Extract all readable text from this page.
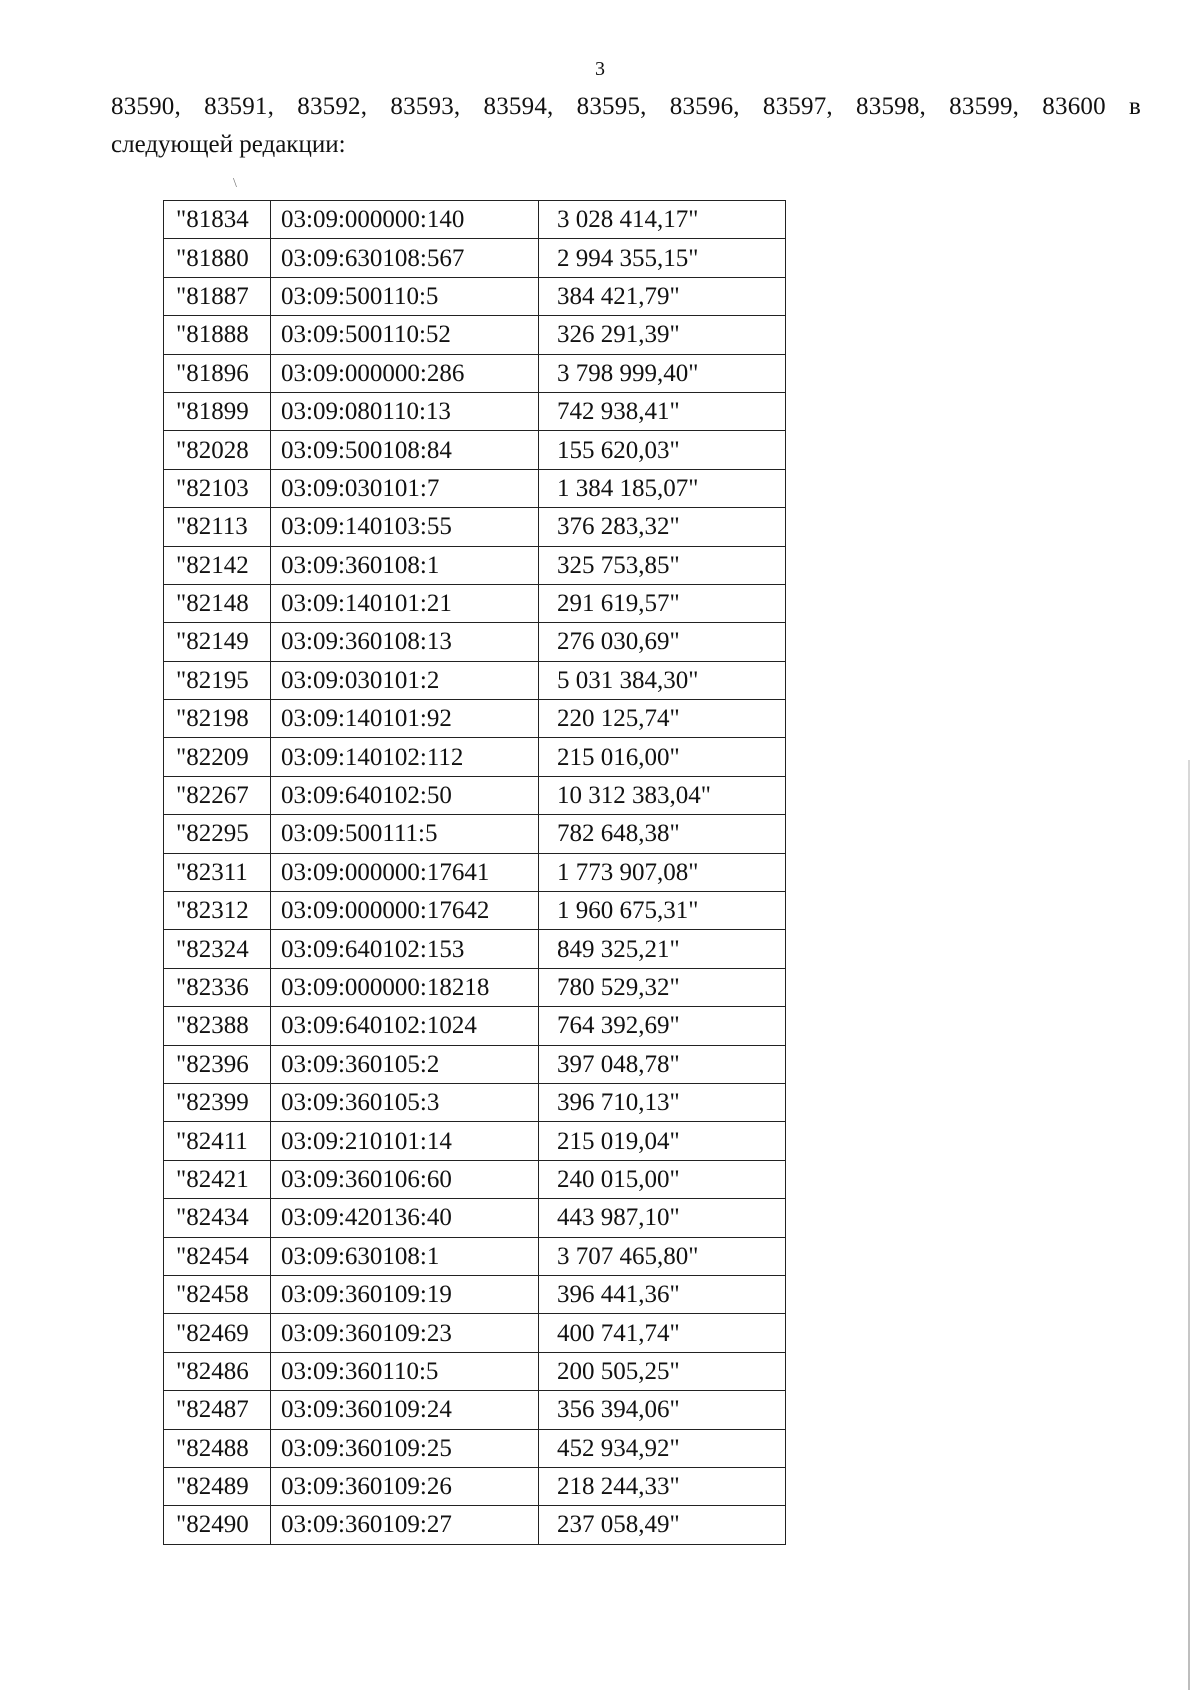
3
83590, 83591, 83592, 83593, 83594, 83595, 83596, 83597, 83598, 83599, 83600 в
следующей редакции:
\
"81834	03:09:000000:140	3 028 414,17"
"81880	03:09:630108:567	2 994 355,15"
"81887	03:09:500110:5	384 421,79"
"81888	03:09:500110:52	326 291,39"
"81896	03:09:000000:286	3 798 999,40"
"81899	03:09:080110:13	742 938,41"
"82028	03:09:500108:84	155 620,03"
"82103	03:09:030101:7	1 384 185,07"
"82113	03:09:140103:55	376 283,32"
"82142	03:09:360108:1	325 753,85"
"82148	03:09:140101:21	291 619,57"
"82149	03:09:360108:13	276 030,69"
"82195	03:09:030101:2	5 031 384,30"
"82198	03:09:140101:92	220 125,74"
"82209	03:09:140102:112	215 016,00"
"82267	03:09:640102:50	10 312 383,04"
"82295	03:09:500111:5	782 648,38"
"82311	03:09:000000:17641	1 773 907,08"
"82312	03:09:000000:17642	1 960 675,31"
"82324	03:09:640102:153	849 325,21"
"82336	03:09:000000:18218	780 529,32"
"82388	03:09:640102:1024	764 392,69"
"82396	03:09:360105:2	397 048,78"
"82399	03:09:360105:3	396 710,13"
"82411	03:09:210101:14	215 019,04"
"82421	03:09:360106:60	240 015,00"
"82434	03:09:420136:40	443 987,10"
"82454	03:09:630108:1	3 707 465,80"
"82458	03:09:360109:19	396 441,36"
"82469	03:09:360109:23	400 741,74"
"82486	03:09:360110:5	200 505,25"
"82487	03:09:360109:24	356 394,06"
"82488	03:09:360109:25	452 934,92"
"82489	03:09:360109:26	218 244,33"
"82490	03:09:360109:27	237 058,49"
